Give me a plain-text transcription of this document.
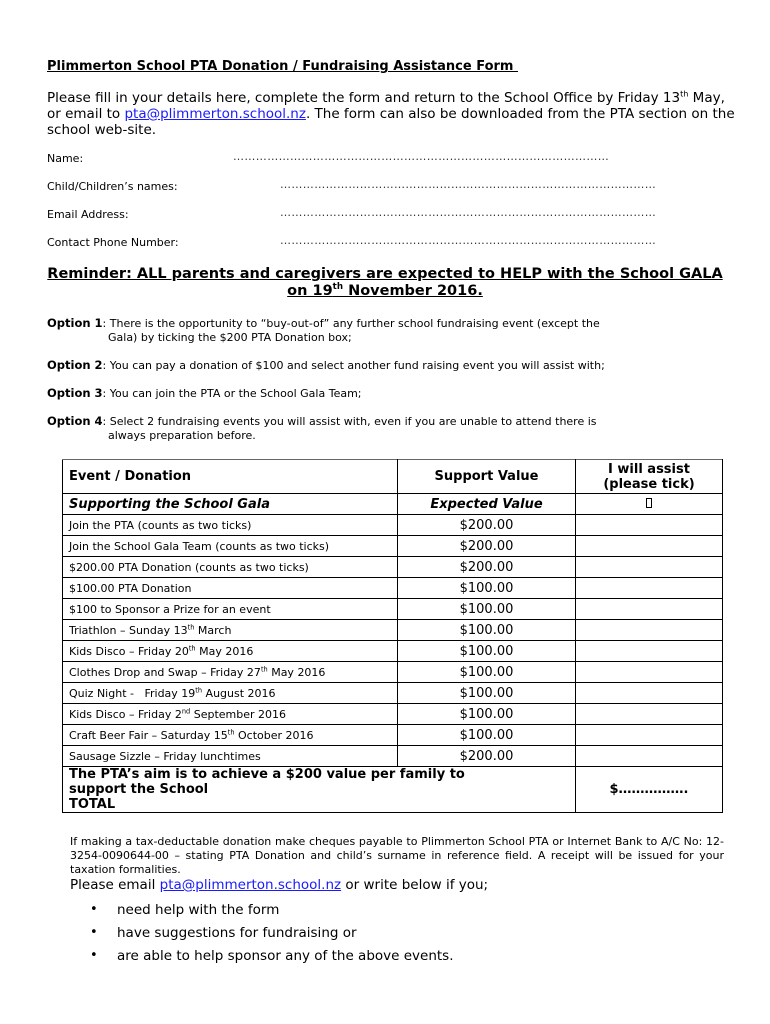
Plimmerton School PTA Donation / Fundraising Assistance Form
Please fill in your details here, complete the form and return to the School Office by Friday 13th May, or email to pta@plimmerton.school.nz. The form can also be downloaded from the PTA section on the school web-site.
Name:	………………………………………………………………………………………
Child/Children’s names:	………………………………………………………………………………………
Email Address:	………………………………………………………………………………………
Contact Phone Number:	………………………………………………………………………………………
Reminder: ALL parents and caregivers are expected to HELP with the School GALA on 19th November 2016.
Option 1: There is the opportunity to “buy-out-of” any further school fundraising event (except the
Gala) by ticking the $200 PTA Donation box;
Option 2: You can pay a donation of $100 and select another fund raising event you will assist with;
Option 3: You can join the PTA or the School Gala Team;
Option 4: Select 2 fundraising events you will assist with, even if you are unable to attend there is
always preparation before.
Event / Donation	Support Value	I will assist
(please tick)
Supporting the School Gala	Expected Value	
Join the PTA (counts as two ticks)	$200.00	
Join the School Gala Team (counts as two ticks)	$200.00	
$200.00 PTA Donation (counts as two ticks)	$200.00	
$100.00 PTA Donation	$100.00	
$100 to Sponsor a Prize for an event	$100.00	
Triathlon – Sunday 13th March	$100.00	
Kids Disco – Friday 20th May 2016	$100.00	
Clothes Drop and Swap – Friday 27th May 2016	$100.00	
Quiz Night -   Friday 19th August 2016	$100.00	
Kids Disco – Friday 2nd September 2016	$100.00	
Craft Beer Fair – Saturday 15th October 2016	$100.00	
Sausage Sizzle – Friday lunchtimes	$200.00	
The PTA’s aim is to achieve a $200 value per family to
support the School
TOTAL		$…………….
If making a tax-deductable donation make cheques payable to Plimmerton School PTA or Internet Bank to A/C No: 12-3254-0090644-00 – stating PTA Donation and child’s surname in reference field. A receipt will be issued for your taxation formalities.
Please email pta@plimmerton.school.nz or write below if you;
•	need help with the form
•	have suggestions for fundraising or
•	are able to help sponsor any of the above events.
